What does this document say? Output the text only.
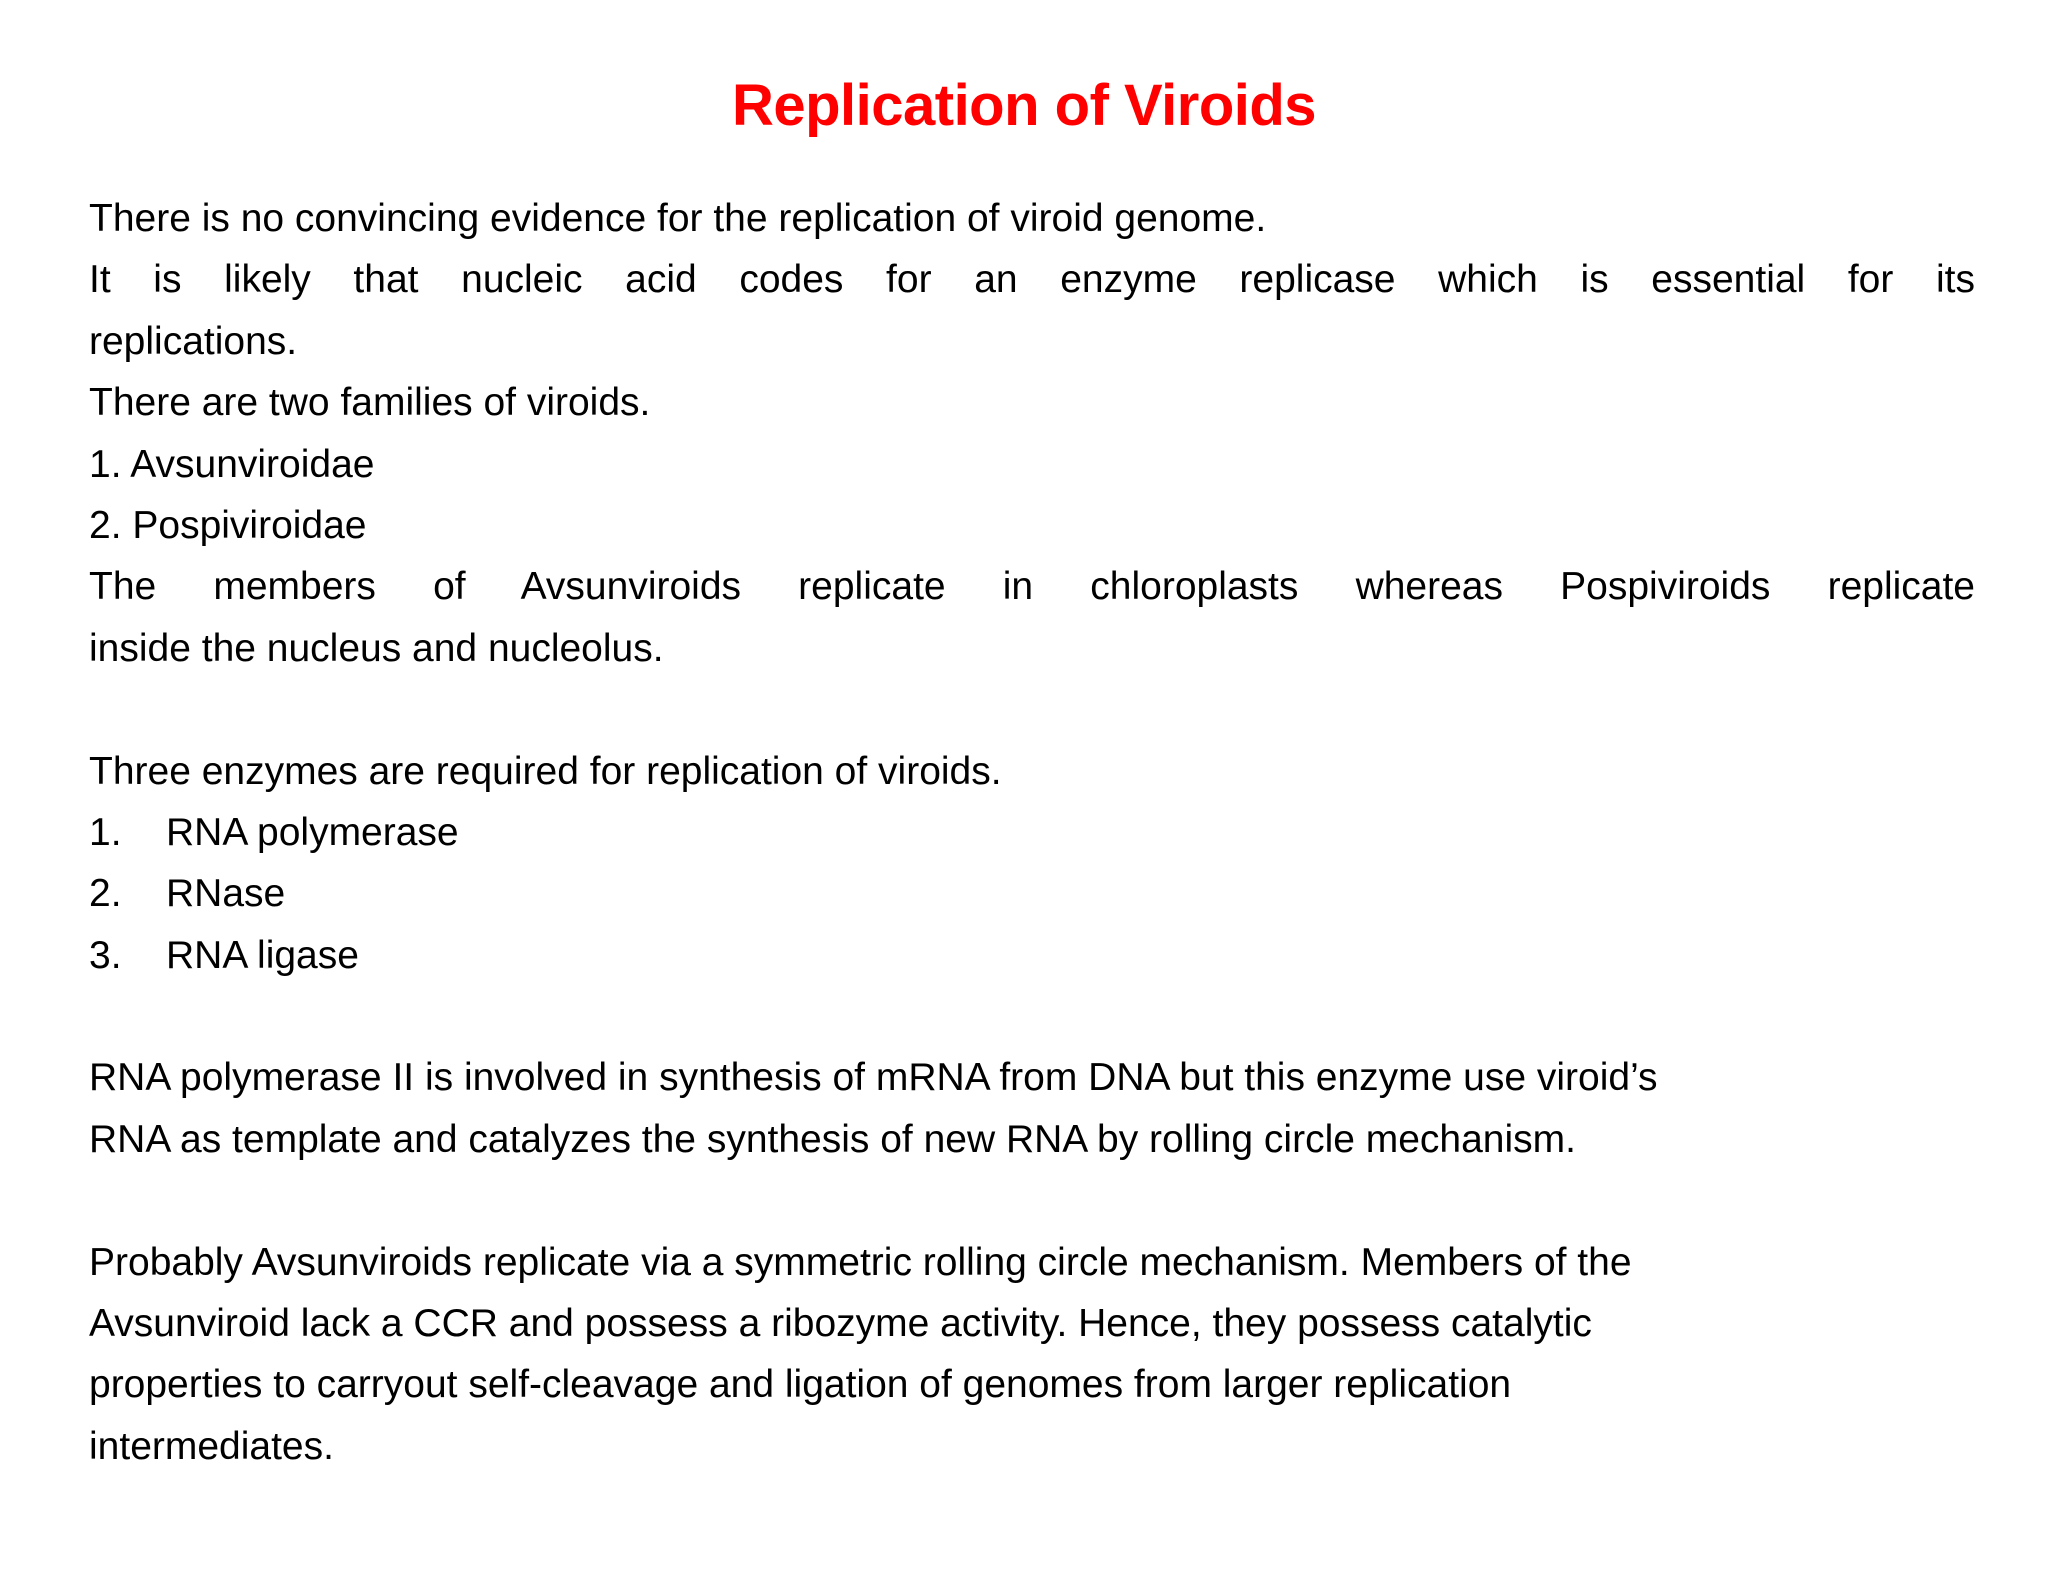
Replication of Viroids
There is no convincing evidence for the replication of viroid genome.
It is likely that nucleic acid codes for an enzyme replicase which is essential for its
replications.
There are two families of viroids.
1. Avsunviroidae
2. Pospiviroidae
The members of Avsunviroids replicate in chloroplasts whereas Pospiviroids replicate
inside the nucleus and nucleolus.
Three enzymes are required for replication of viroids.
1. RNA polymerase
2. RNase
3. RNA ligase
RNA polymerase II is involved in synthesis of mRNA from DNA but this enzyme use viroid’s
RNA as template and catalyzes the synthesis of new RNA by rolling circle mechanism.
Probably Avsunviroids replicate via a symmetric rolling circle mechanism. Members of the
Avsunviroid lack a CCR and possess a ribozyme activity. Hence, they possess catalytic
properties to carryout self-cleavage and ligation of genomes from larger replication
intermediates.
